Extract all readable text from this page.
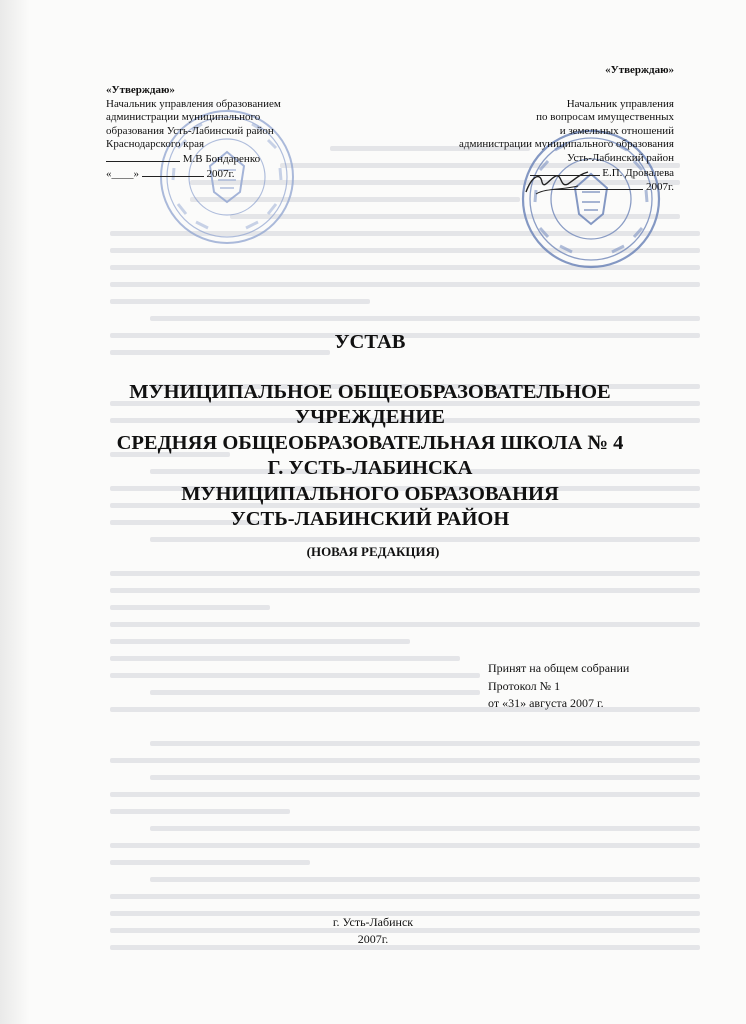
«Утверждаю»
Начальник управления образованием
администрации муниципального
образования Усть-Лабинский район
Краснодарского края
М.В Бондаренко
«____»	2007г.
«Утверждаю»
Начальник управления
по вопросам имущественных
и земельных отношений
администрации муниципального образования
Усть-Лабинский район
Е.П. Дровалева
2007г.
УСТАВ
МУНИЦИПАЛЬНОЕ ОБЩЕОБРАЗОВАТЕЛЬНОЕ
УЧРЕЖДЕНИЕ
СРЕДНЯЯ ОБЩЕОБРАЗОВАТЕЛЬНАЯ ШКОЛА № 4
Г. УСТЬ-ЛАБИНСКА
МУНИЦИПАЛЬНОГО ОБРАЗОВАНИЯ
УСТЬ-ЛАБИНСКИЙ РАЙОН
(НОВАЯ РЕДАКЦИЯ)
Принят на общем собрании
Протокол № 1
от «31» августа 2007 г.
г. Усть-Лабинск
2007г.
